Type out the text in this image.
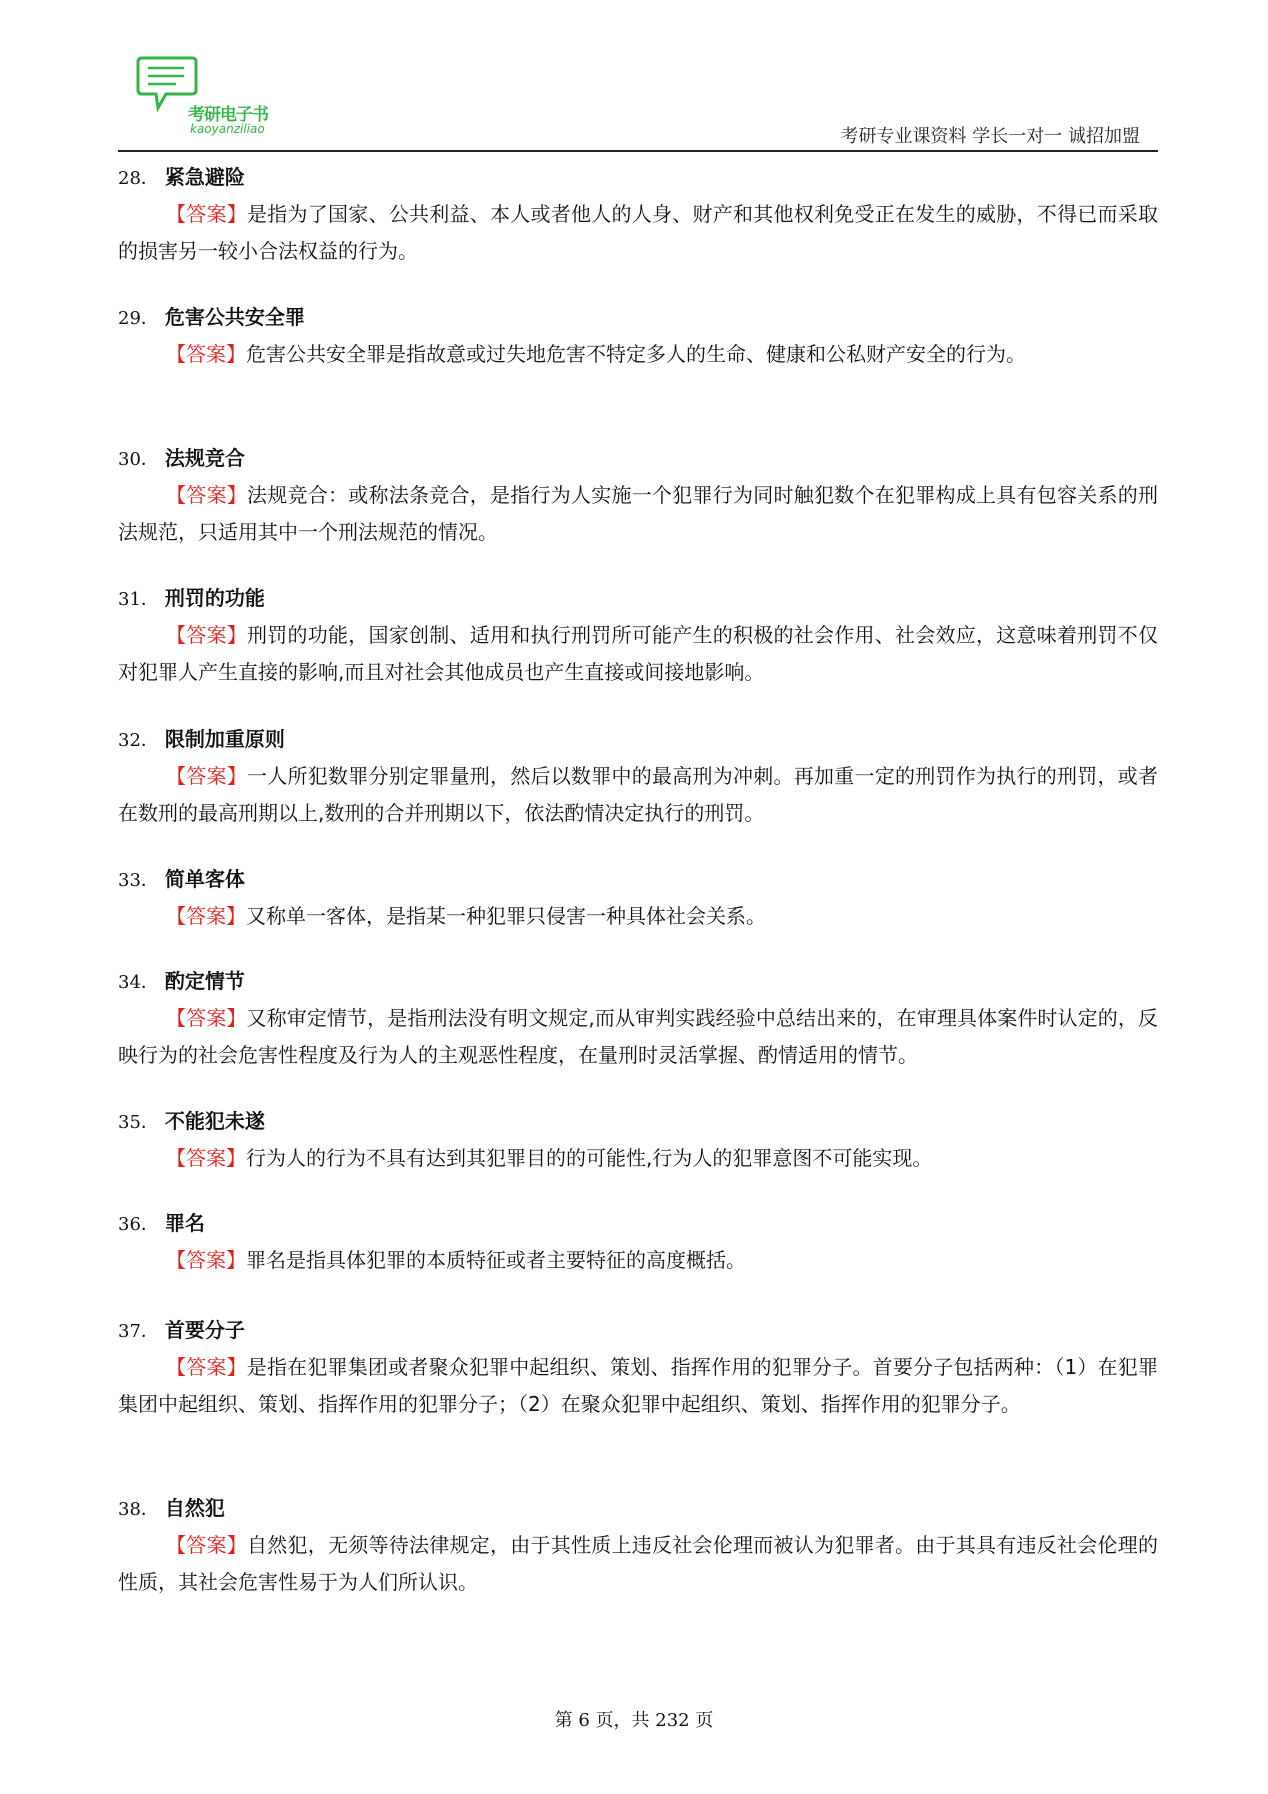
考研电子书
kaoyanziliao	考研专业课资料 学长一对一 诚招加盟
28． 紧急避险
【答案】是指为了国家、公共利益、本人或者他人的人身、财产和其他权利免受正在发生的威胁，不得已而采取的损害另一较小合法权益的行为。
29． 危害公共安全罪
【答案】危害公共安全罪是指故意或过失地危害不特定多人的生命、健康和公私财产安全的行为。
30． 法规竞合
【答案】法规竞合：或称法条竞合，是指行为人实施一个犯罪行为同时触犯数个在犯罪构成上具有包容关系的刑法规范，只适用其中一个刑法规范的情况。
31． 刑罚的功能
【答案】刑罚的功能，国家创制、适用和执行刑罚所可能产生的积极的社会作用、社会效应，这意味着刑罚不仅对犯罪人产生直接的影响,而且对社会其他成员也产生直接或间接地影响。
32． 限制加重原则
【答案】一人所犯数罪分别定罪量刑，然后以数罪中的最高刑为冲刺。再加重一定的刑罚作为执行的刑罚，或者在数刑的最高刑期以上,数刑的合并刑期以下，依法酌情决定执行的刑罚。
33． 简单客体
【答案】又称单一客体，是指某一种犯罪只侵害一种具体社会关系。
34． 酌定情节
【答案】又称审定情节，是指刑法没有明文规定,而从审判实践经验中总结出来的，在审理具体案件时认定的，反映行为的社会危害性程度及行为人的主观恶性程度，在量刑时灵活掌握、酌情适用的情节。
35． 不能犯未遂
【答案】行为人的行为不具有达到其犯罪目的的可能性,行为人的犯罪意图不可能实现。
36． 罪名
【答案】罪名是指具体犯罪的本质特征或者主要特征的高度概括。
37． 首要分子
【答案】是指在犯罪集团或者聚众犯罪中起组织、策划、指挥作用的犯罪分子。首要分子包括两种：（1）在犯罪集团中起组织、策划、指挥作用的犯罪分子；（2）在聚众犯罪中起组织、策划、指挥作用的犯罪分子。
38． 自然犯
【答案】自然犯，无须等待法律规定，由于其性质上违反社会伦理而被认为犯罪者。由于其具有违反社会伦理的性质，其社会危害性易于为人们所认识。
第 6 页，共 232 页
